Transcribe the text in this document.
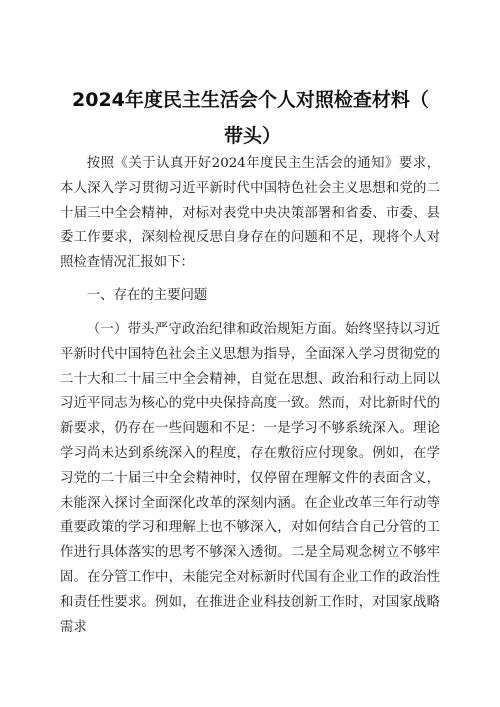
2024年度民主生活会个人对照检查材料（
带头）

按照《关于认真开好2024年度民主生活会的通知》要求，本人深入学习贯彻习近平新时代中国特色社会主义思想和党的二十届三中全会精神，对标对表党中央决策部署和省委、市委、县委工作要求，深刻检视反思自身存在的问题和不足，现将个人对照检查情况汇报如下：

一、存在的主要问题

（一）带头严守政治纪律和政治规矩方面。始终坚持以习近平新时代中国特色社会主义思想为指导，全面深入学习贯彻党的二十大和二十届三中全会精神，自觉在思想、政治和行动上同以习近平同志为核心的党中央保持高度一致。然而，对比新时代的新要求，仍存在一些问题和不足：一是学习不够系统深入。理论学习尚未达到系统深入的程度，存在敷衍应付现象。例如，在学习党的二十届三中全会精神时，仅停留在理解文件的表面含义，未能深入探讨全面深化改革的深刻内涵。在企业改革三年行动等重要政策的学习和理解上也不够深入，对如何结合自己分管的工作进行具体落实的思考不够深入透彻。二是全局观念树立不够牢固。在分管工作中，未能完全对标新时代国有企业工作的政治性和责任性要求。例如，在推进企业科技创新工作时，对国家战略需求
